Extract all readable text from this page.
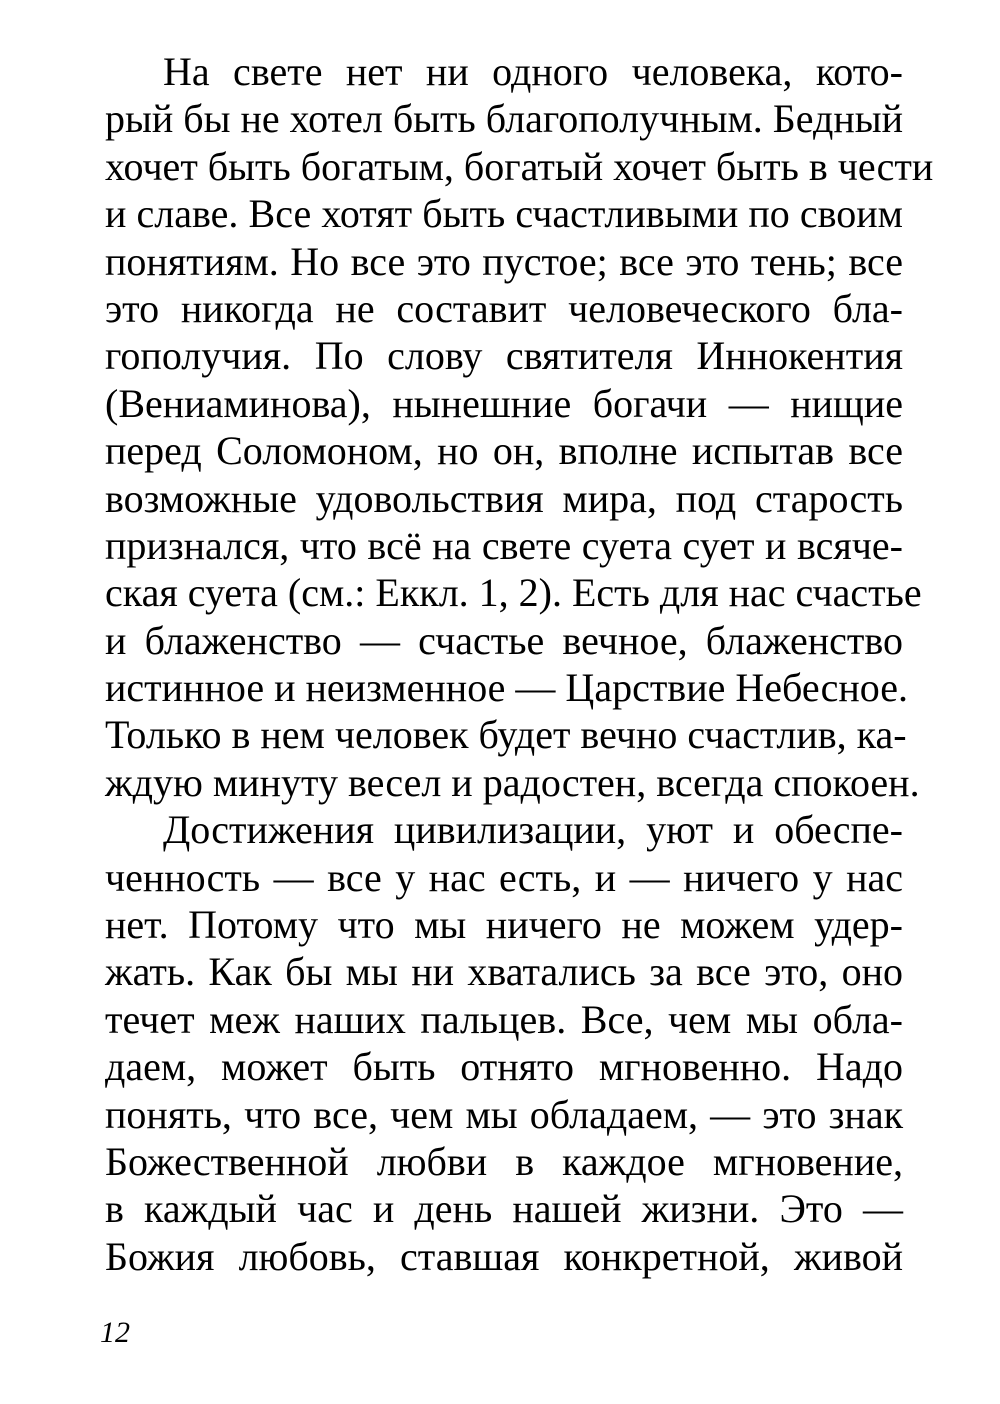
На свете нет ни одного человека, кото-
рый бы не хотел быть благополучным. Бедный
хочет быть богатым, богатый хочет быть в чести
и славе. Все хотят быть счастливыми по своим
понятиям. Но все это пустое; все это тень; все
это никогда не составит человеческого бла-
гополучия. По слову святителя Иннокентия
(Вениаминова), нынешние богачи — нищие
перед Соломоном, но он, вполне испытав все
возможные удовольствия мира, под старость
признался, что всё на свете суета сует и всяче-
ская суета (см.: Еккл. 1, 2). Есть для нас счастье
и блаженство — счастье вечное, блаженство
истинное и неизменное — Царствие Небесное.
Только в нем человек будет вечно счастлив, ка-
ждую минуту весел и радостен, всегда спокоен.
Достижения цивилизации, уют и обеспе-
ченность — все у нас есть, и — ничего у нас
нет. Потому что мы ничего не можем удер-
жать. Как бы мы ни хватались за все это, оно
течет меж наших пальцев. Все, чем мы обла-
даем, может быть отнято мгновенно. Надо
понять, что все, чем мы обладаем, — это знак
Божественной любви в каждое мгновение,
в каждый час и день нашей жизни. Это —
Божия любовь, ставшая конкретной, живой
12
